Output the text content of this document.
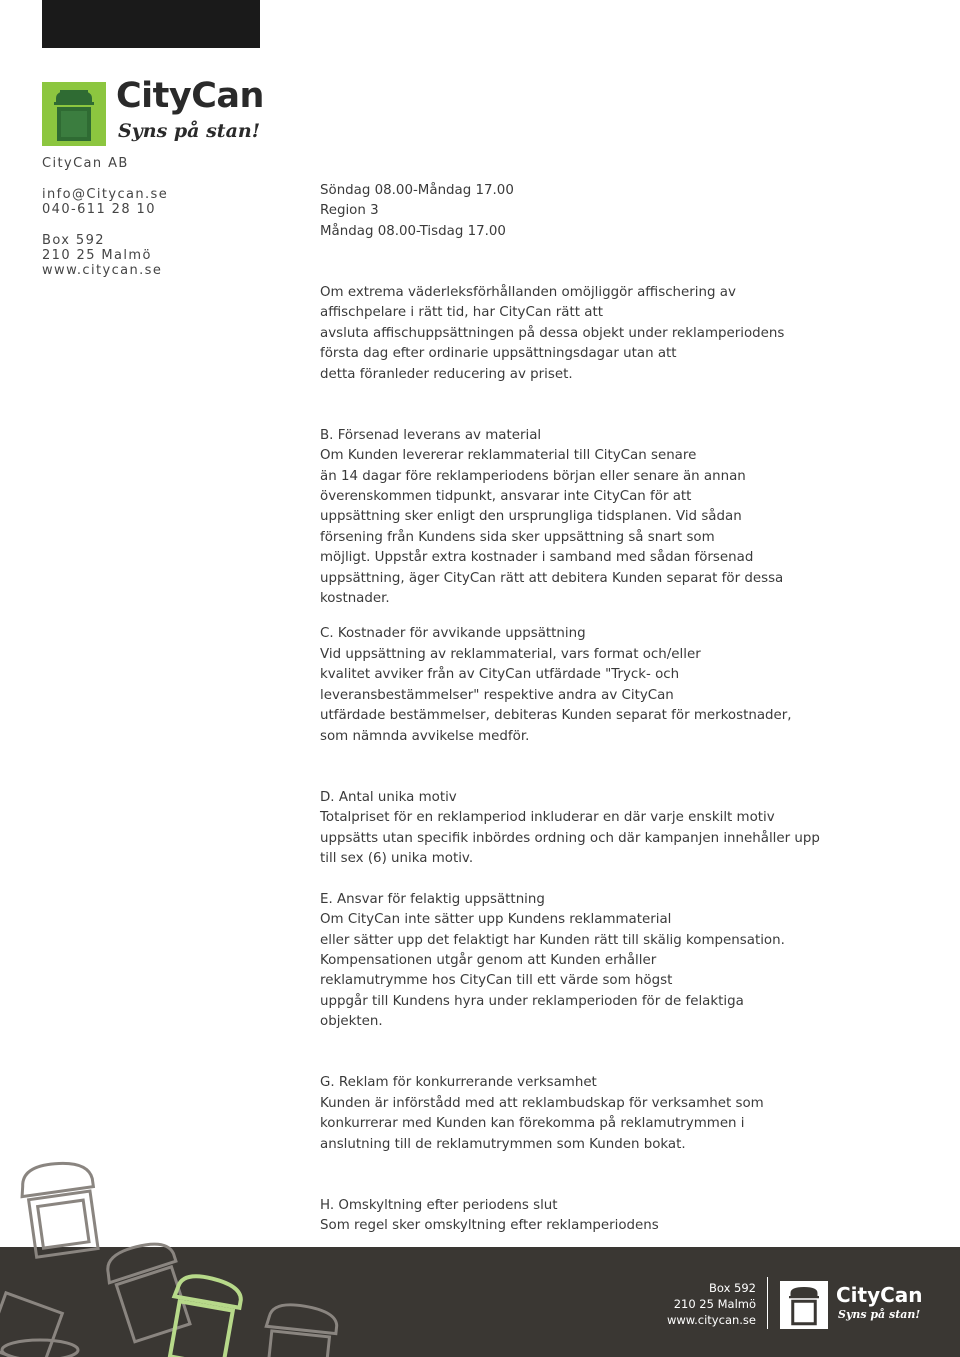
CityCan
Syns på stan!
CityCan AB
info@Citycan.se
040-611 28 10
Box 592
210 25 Malmö
www.citycan.se
Söndag 08.00-Måndag 17.00
Region 3
Måndag 08.00-Tisdag 17.00
Om extrema väderleksförhållanden omöjliggör affischering av
affischpelare i rätt tid, har CityCan rätt att
avsluta affischuppsättningen på dessa objekt under reklamperiodens
första dag efter ordinarie uppsättningsdagar utan att
detta föranleder reducering av priset.
B. Försenad leverans av material
Om Kunden levererar reklammaterial till CityCan senare
än 14 dagar före reklamperiodens början eller senare än annan
överenskommen tidpunkt, ansvarar inte CityCan för att
uppsättning sker enligt den ursprungliga tidsplanen. Vid sådan
försening från Kundens sida sker uppsättning så snart som
möjligt. Uppstår extra kostnader i samband med sådan försenad
uppsättning, äger CityCan rätt att debitera Kunden separat för dessa
kostnader.
C. Kostnader för avvikande uppsättning
Vid uppsättning av reklammaterial, vars format och/eller
kvalitet avviker från av CityCan utfärdade "Tryck- och
leveransbestämmelser" respektive andra av CityCan
utfärdade bestämmelser, debiteras Kunden separat för merkostnader,
som nämnda avvikelse medför.
D. Antal unika motiv
Totalpriset för en reklamperiod inkluderar en där varje enskilt motiv
uppsätts utan specifik inbördes ordning och där kampanjen innehåller upp
till sex (6) unika motiv.
E. Ansvar för felaktig uppsättning
Om CityCan inte sätter upp Kundens reklammaterial
eller sätter upp det felaktigt har Kunden rätt till skälig kompensation.
Kompensationen utgår genom att Kunden erhåller
reklamutrymme hos CityCan till ett värde som högst
uppgår till Kundens hyra under reklamperioden för de felaktiga
objekten.
G. Reklam för konkurrerande verksamhet
Kunden är införstådd med att reklambudskap för verksamhet som
konkurrerar med Kunden kan förekomma på reklamutrymmen i
anslutning till de reklamutrymmen som Kunden bokat.
H. Omskyltning efter periodens slut
Som regel sker omskyltning efter reklamperiodens
Box 592
210 25 Malmö
www.citycan.se
CityCan
Syns på stan!
